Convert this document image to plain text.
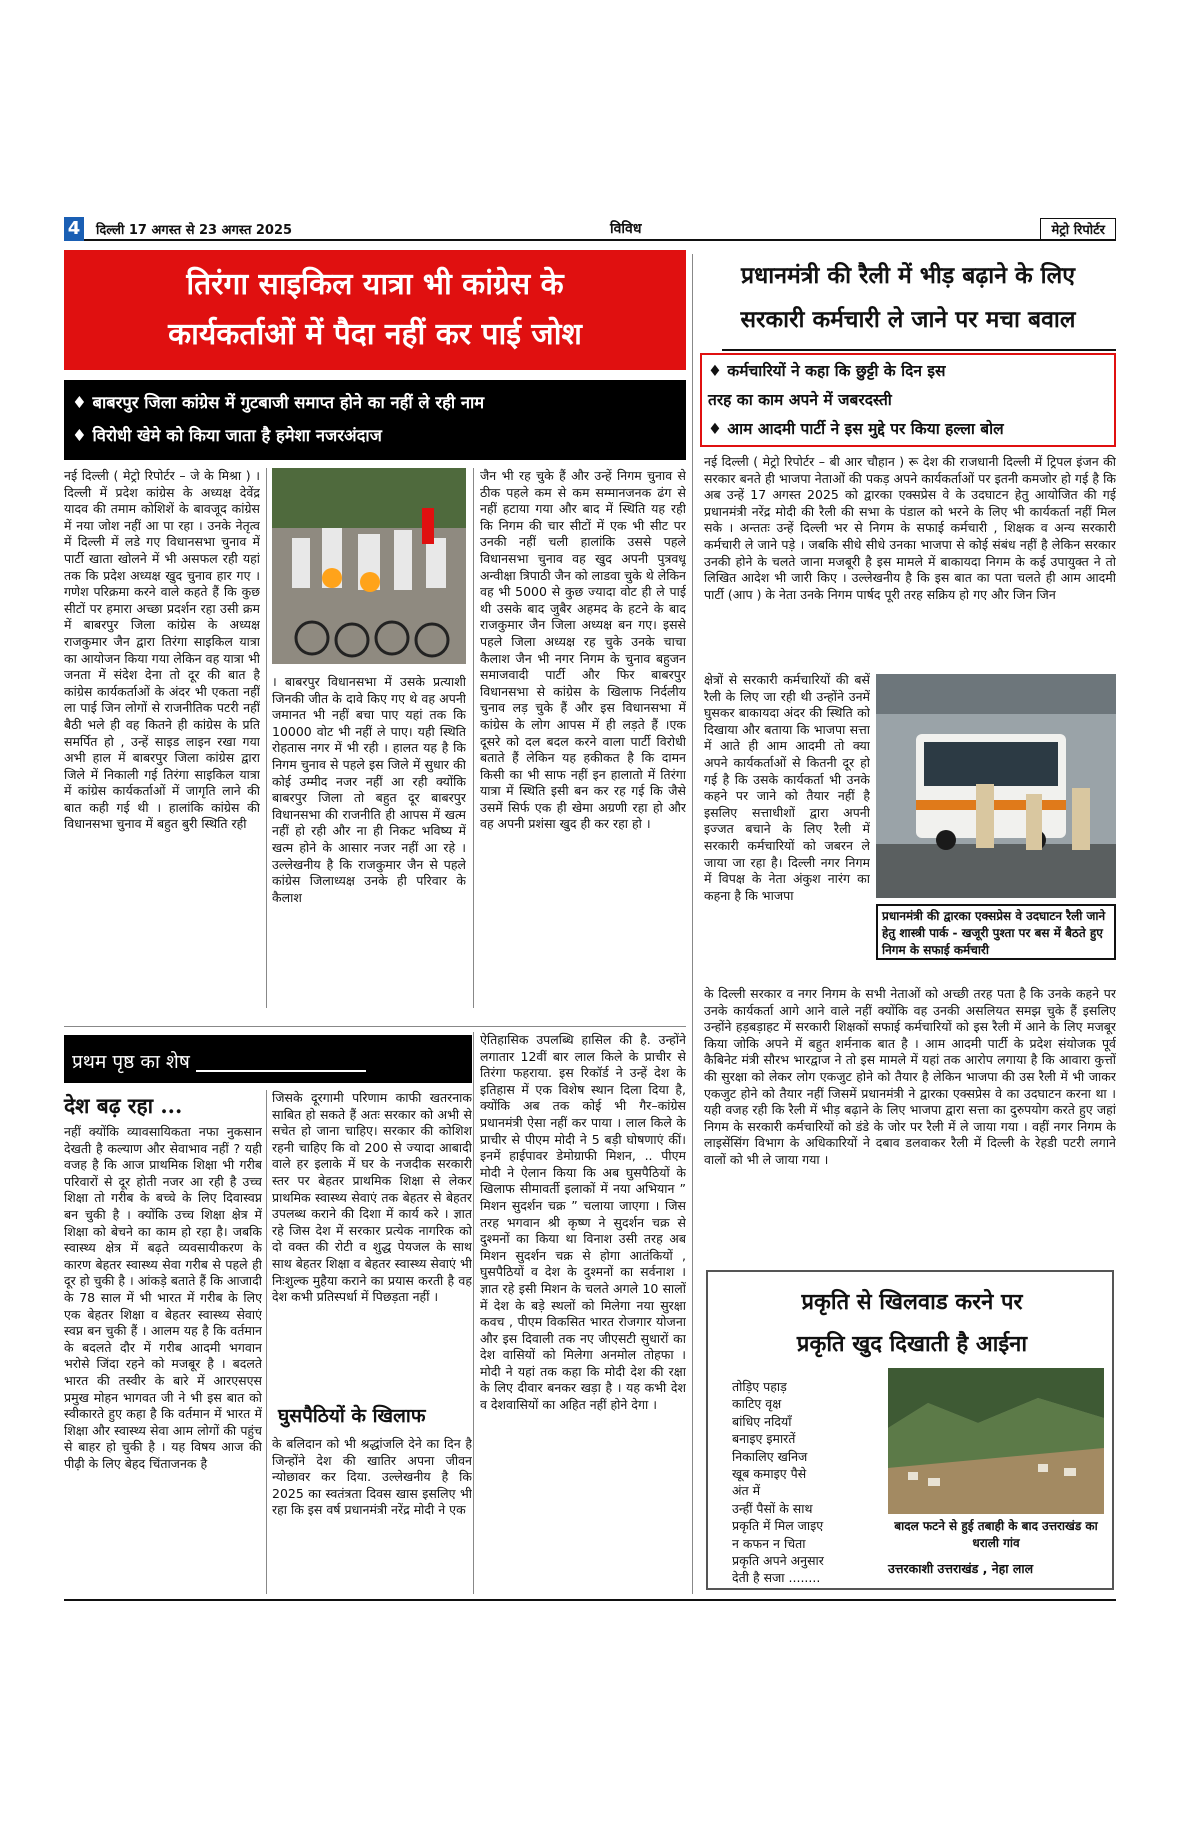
4 दिल्ली 17 अगस्त से 23 अगस्त 2025	विविध	मेट्रो रिपोर्टर
तिरंगा साइकिल यात्रा भी कांग्रेस के
कार्यकर्ताओं में पैदा नहीं कर पाई जोश
♦ बाबरपुर जिला कांग्रेस में गुटबाजी समाप्त होने का नहीं ले रही नाम
♦ विरोधी खेमे को किया जाता है हमेशा नजरअंदाज
नई दिल्ली ( मेट्रो रिपोर्टर – जे के मिश्रा ) । दिल्ली में प्रदेश कांग्रेस के अध्यक्ष देवेंद्र यादव की तमाम कोशिशें के बावजूद कांग्रेस में नया जोश नहीं आ पा रहा । उनके नेतृत्व में दिल्ली में लडे गए विधानसभा चुनाव में पार्टी खाता खोलने में भी असफल रही यहां तक कि प्रदेश अध्यक्ष खुद चुनाव हार गए । गणेश परिक्रमा करने वाले कहते हैं कि कुछ सीटों पर हमारा अच्छा प्रदर्शन रहा उसी क्रम में बाबरपुर जिला कांग्रेस के अध्यक्ष राजकुमार जैन द्वारा तिरंगा साइकिल यात्रा का आयोजन किया गया लेकिन वह यात्रा भी जनता में संदेश देना तो दूर की बात है कांग्रेस कार्यकर्ताओं के अंदर भी एकता नहीं ला पाई जिन लोगों से राजनीतिक पटरी नहीं बैठी भले ही वह कितने ही कांग्रेस के प्रति समर्पित हो , उन्हें साइड लाइन रखा गया अभी हाल में बाबरपुर जिला कांग्रेस द्वारा जिले में निकाली गई तिरंगा साइकिल यात्रा में कांग्रेस कार्यकर्ताओं में जागृति लाने की बात कही गई थी । हालांकि कांग्रेस की विधानसभा चुनाव में बहुत बुरी स्थिति रही
। बाबरपुर विधानसभा में उसके प्रत्याशी जिनकी जीत के दावे किए गए थे वह अपनी जमानत भी नहीं बचा पाए यहां तक कि 10000 वोट भी नहीं ले पाए। यही स्थिति रोहतास नगर में भी रही । हालत यह है कि निगम चुनाव से पहले इस जिले में सुधार की कोई उम्मीद नजर नहीं आ रही क्योंकि बाबरपुर जिला तो बहुत दूर बाबरपुर विधानसभा की राजनीति ही आपस में खत्म नहीं हो रही और ना ही निकट भविष्य में खत्म होने के आसार नजर नहीं आ रहे । उल्लेखनीय है कि राजकुमार जैन से पहले कांग्रेस जिलाध्यक्ष उनके ही परिवार के कैलाश
जैन भी रह चुके हैं और उन्हें निगम चुनाव से ठीक पहले कम से कम सम्मानजनक ढंग से नहीं हटाया गया और बाद में स्थिति यह रही कि निगम की चार सीटों में एक भी सीट पर उनकी नहीं चली हालांकि उससे पहले विधानसभा चुनाव वह खुद अपनी पुत्रवधू अन्वीक्षा त्रिपाठी जैन को लाडवा चुके थे लेकिन वह भी 5000 से कुछ ज्यादा वोट ही ले पाई थी उसके बाद जुबैर अहमद के हटने के बाद राजकुमार जैन जिला अध्यक्ष बन गए। इससे पहले जिला अध्यक्ष रह चुके उनके चाचा कैलाश जैन भी नगर निगम के चुनाव बहुजन समाजवादी पार्टी और फिर बाबरपुर विधानसभा से कांग्रेस के खिलाफ निर्दलीय चुनाव लड़ चुके हैं और इस विधानसभा में कांग्रेस के लोग आपस में ही लड़ते हैं ।एक दूसरे को दल बदल करने वाला पार्टी विरोधी बताते हैं लेकिन यह हकीकत है कि दामन किसी का भी साफ नहीं इन हालातो में तिरंगा यात्रा में स्थिति इसी बन कर रह गई कि जैसे उसमें सिर्फ एक ही खेमा अग्रणी रहा हो और वह अपनी प्रशंसा खुद ही कर रहा हो ।
प्रधानमंत्री की रैली में भीड़ बढ़ाने के लिए
सरकारी कर्मचारी ले जाने पर मचा बवाल
♦ कर्मचारियों ने कहा कि छुट्टी के दिन इस
तरह का काम अपने में जबरदस्ती
♦ आम आदमी पार्टी ने इस मुद्दे पर किया हल्ला बोल
नई दिल्ली ( मेट्रो रिपोर्टर – बी आर चौहान ) रू देश की राजधानी दिल्ली में ट्रिपल इंजन की सरकार बनते ही भाजपा नेताओं की पकड़ अपने कार्यकर्ताओं पर इतनी कमजोर हो गई है कि अब उन्हें 17 अगस्त 2025 को द्वारका एक्सप्रेस वे के उदघाटन हेतु आयोजित की गई प्रधानमंत्री नरेंद्र मोदी की रैली की सभा के पंडाल को भरने के लिए भी कार्यकर्ता नहीं मिल सके । अन्ततः उन्हें दिल्ली भर से निगम के सफाई कर्मचारी , शिक्षक व अन्य सरकारी कर्मचारी ले जाने पड़े । जबकि सीधे सीधे उनका भाजपा से कोई संबंध नहीं है लेकिन सरकार उनकी होने के चलते जाना मजबूरी है इस मामले में बाकायदा निगम के कई उपायुक्त ने तो लिखित आदेश भी जारी किए । उल्लेखनीय है कि इस बात का पता चलते ही आम आदमी पार्टी (आप ) के नेता उनके निगम पार्षद पूरी तरह सक्रिय हो गए और जिन जिन
क्षेत्रों से सरकारी कर्मचारियों की बसें रैली के लिए जा रही थी उन्होंने उनमें घुसकर बाकायदा अंदर की स्थिति को दिखाया और बताया कि भाजपा सत्ता में आते ही आम आदमी तो क्या अपने कार्यकर्ताओं से कितनी दूर हो गई है कि उसके कार्यकर्ता भी उनके कहने पर जाने को तैयार नहीं है इसलिए सत्ताधीशों द्वारा अपनी इज्जत बचाने के लिए रैली में सरकारी कर्मचारियों को जबरन ले जाया जा रहा है। दिल्ली नगर निगम में विपक्ष के नेता अंकुश नारंग का कहना है कि भाजपा
प्रधानमंत्री की द्वारका एक्सप्रेस वे उदघाटन रैली जाने हेतु शास्त्री पार्क - खजूरी पुश्ता पर बस में बैठते हुए निगम के सफाई कर्मचारी
के दिल्ली सरकार व नगर निगम के सभी नेताओं को अच्छी तरह पता है कि उनके कहने पर उनके कार्यकर्ता आगे आने वाले नहीं क्योंकि वह उनकी असलियत समझ चुके हैं इसलिए उन्होंने हड़बड़ाहट में सरकारी शिक्षकों सफाई कर्मचारियों को इस रैली में आने के लिए मजबूर किया जोकि अपने में बहुत शर्मनाक बात है । आम आदमी पार्टी के प्रदेश संयोजक पूर्व कैबिनेट मंत्री सौरभ भारद्वाज ने तो इस मामले में यहां तक आरोप लगाया है कि आवारा कुत्तों की सुरक्षा को लेकर लोग एकजुट होने को तैयार है लेकिन भाजपा की उस रैली में भी जाकर एकजुट होने को तैयार नहीं जिसमें प्रधानमंत्री ने द्वारका एक्सप्रेस वे का उदघाटन करना था । यही वजह रही कि रैली में भीड़ बढ़ाने के लिए भाजपा द्वारा सत्ता का दुरुपयोग करते हुए जहां निगम के सरकारी कर्मचारियों को डंडे के जोर पर रैली में ले जाया गया । वहीं नगर निगम के लाइसेंसिंग विभाग के अधिकारियों ने दबाव डलवाकर रैली में दिल्ली के रेहडी पटरी लगाने वालों को भी ले जाया गया ।
प्रथम पृष्ठ का शेष
देश बढ़ रहा ...
नहीं क्योंकि व्यावसायिकता नफा नुकसान देखती है कल्याण और सेवाभाव नहीं ? यही वजह है कि आज प्राथमिक शिक्षा भी गरीब परिवारों से दूर होती नजर आ रही है उच्च शिक्षा तो गरीब के बच्चे के लिए दिवास्वप्न बन चुकी है । क्योंकि उच्च शिक्षा क्षेत्र में शिक्षा को बेचने का काम हो रहा है। जबकि स्वास्थ्य क्षेत्र में बढ़ते व्यवसायीकरण के कारण बेहतर स्वास्थ्य सेवा गरीब से पहले ही दूर हो चुकी है । आंकड़े बताते हैं कि आजादी के 78 साल में भी भारत में गरीब के लिए एक बेहतर शिक्षा व बेहतर स्वास्थ्य सेवाएं स्वप्न बन चुकी हैं । आलम यह है कि वर्तमान के बदलते दौर में गरीब आदमी भगवान भरोसे जिंदा रहने को मजबूर है । बदलते भारत की तस्वीर के बारे में आरएसएस प्रमुख मोहन भागवत जी ने भी इस बात को स्वीकारते हुए कहा है कि वर्तमान में भारत में शिक्षा और स्वास्थ्य सेवा आम लोगों की पहुंच से बाहर हो चुकी है । यह विषय आज की पीढ़ी के लिए बेहद चिंताजनक है
जिसके दूरगामी परिणाम काफी खतरनाक साबित हो सकते हैं अतः सरकार को अभी से सचेत हो जाना चाहिए। सरकार की कोशिश रहनी चाहिए कि वो 200 से ज्यादा आबादी वाले हर इलाके में घर के नजदीक सरकारी स्तर पर बेहतर प्राथमिक शिक्षा से लेकर प्राथमिक स्वास्थ्य सेवाएं तक बेहतर से बेहतर उपलब्ध कराने की दिशा में कार्य करे । ज्ञात रहे जिस देश में सरकार प्रत्येक नागरिक को दो वक्त की रोटी व शुद्ध पेयजल के साथ साथ बेहतर शिक्षा व बेहतर स्वास्थ्य सेवाएं भी निःशुल्क मुहैया कराने का प्रयास करती है वह देश कभी प्रतिस्पर्धा में पिछड़ता नहीं ।
घुसपैठियों के खिलाफ
के बलिदान को भी श्रद्धांजलि देने का दिन है जिन्होंने देश की खातिर अपना जीवन न्योछावर कर दिया. उल्लेखनीय है कि 2025 का स्वतंत्रता दिवस खास इसलिए भी रहा कि इस वर्ष प्रधानमंत्री नरेंद्र मोदी ने एक
ऐतिहासिक उपलब्धि हासिल की है. उन्होंने लगातार 12वीं बार लाल किले के प्राचीर से तिरंगा फहराया. इस रिकॉर्ड ने उन्हें देश के इतिहास में एक विशेष स्थान दिला दिया है, क्योंकि अब तक कोई भी गैर–कांग्रेस प्रधानमंत्री ऐसा नहीं कर पाया । लाल किले के प्राचीर से पीएम मोदी ने 5 बड़ी घोषणाएं कीं। इनमें हाईपावर डेमोग्राफी मिशन, .. पीएम मोदी ने ऐलान किया कि अब घुसपैठियों के खिलाफ सीमावर्ती इलाकों में नया अभियान ” मिशन सुदर्शन चक्र ” चलाया जाएगा । जिस तरह भगवान श्री कृष्ण ने सुदर्शन चक्र से दुश्मनों का किया था विनाश उसी तरह अब मिशन सुदर्शन चक्र से होगा आतंकियों , घुसपैठियों व देश के दुश्मनों का सर्वनाश । ज्ञात रहे इसी मिशन के चलते अगले 10 सालों में देश के बड़े स्थलों को मिलेगा नया सुरक्षा कवच , पीएम विकसित भारत रोजगार योजना और इस दिवाली तक नए जीएसटी सुधारों का देश वासियों को मिलेगा अनमोल तोहफा । मोदी ने यहां तक कहा कि मोदी देश की रक्षा के लिए दीवार बनकर खड़ा है । यह कभी देश व देशवासियों का अहित नहीं होने देगा ।
प्रकृति से खिलवाड करने पर
प्रकृति खुद दिखाती है आईना
तोड़िए पहाड़
काटिए वृक्ष
बांधिए नदियाँ
बनाइए इमारतें
निकालिए खनिज
खूब कमाइए पैसे
अंत में
उन्हीं पैसों के साथ
प्रकृति में मिल जाइए
न कफन न चिता
प्रकृति अपने अनुसार
देती है सजा ........
बादल फटने से हुई तबाही के बाद उत्तराखंड का धराली गांव
उत्तरकाशी उत्तराखंड , नेहा लाल
